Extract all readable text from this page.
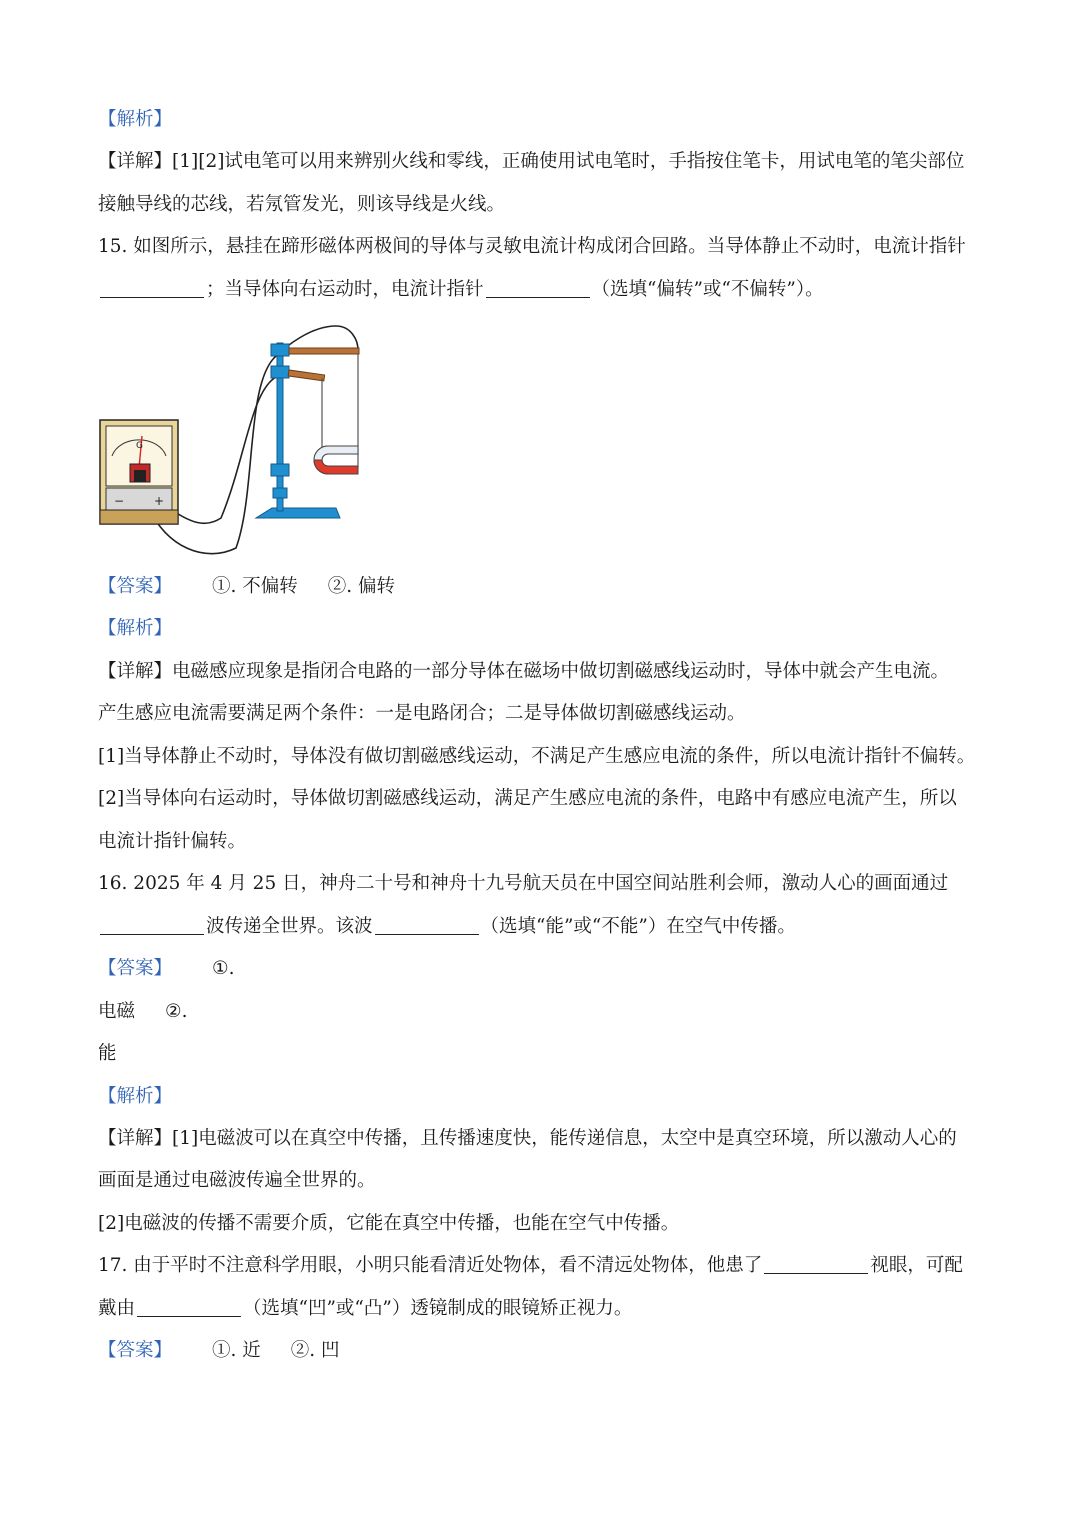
【解析】
【详解】[1][2]试电笔可以用来辨别火线和零线，正确使用试电笔时，手指按住笔卡，用试电笔的笔尖部位
接触导线的芯线，若氖管发光，则该导线是火线。
15. 如图所示，悬挂在蹄形磁体两极间的导体与灵敏电流计构成闭合回路。当导体静止不动时，电流计指针
；当导体向右运动时，电流计指针	（选填“偏转”或“不偏转”）。
G
− +
【答案】 ①. 不偏转 ②. 偏转
【解析】
【详解】电磁感应现象是指闭合电路的一部分导体在磁场中做切割磁感线运动时，导体中就会产生电流。
产生感应电流需要满足两个条件：一是电路闭合；二是导体做切割磁感线运动。
[1]当导体静止不动时，导体没有做切割磁感线运动，不满足产生感应电流的条件，所以电流计指针不偏转。
[2]当导体向右运动时，导体做切割磁感线运动，满足产生感应电流的条件，电路中有感应电流产生，所以
电流计指针偏转。
16. 2025 年 4 月 25 日，神舟二十号和神舟十九号航天员在中国空间站胜利会师，激动人心的画面通过
波传递全世界。该波	（选填“能”或“不能”）在空气中传播。
【答案】 ①.
电磁 ②.
能
【解析】
【详解】[1]电磁波可以在真空中传播，且传播速度快，能传递信息，太空中是真空环境，所以激动人心的
画面是通过电磁波传遍全世界的。
[2]电磁波的传播不需要介质，它能在真空中传播，也能在空气中传播。
17. 由于平时不注意科学用眼，小明只能看清近处物体，看不清远处物体，他患了	视眼，可配
戴由	（选填“凹”或“凸”）透镜制成的眼镜矫正视力。
【答案】 ①. 近 ②. 凹
